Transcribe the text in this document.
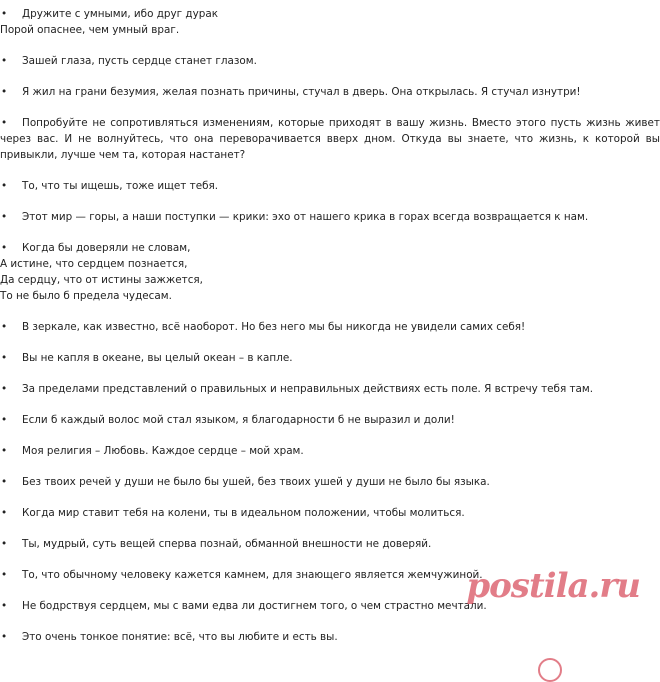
• Дружите с умными, ибо друг дурак
Порой опаснее, чем умный враг.
• Зашей глаза, пусть сердце станет глазом.
• Я жил на грани безумия, желая познать причины, стучал в дверь. Она открылась. Я стучал изнутри!
• Попробуйте не сопротивляться изменениям, которые приходят в вашу жизнь. Вместо этого пусть жизнь живет через вас. И не волнуйтесь, что она переворачивается вверх дном. Откуда вы знаете, что жизнь, к которой вы привыкли, лучше чем та, которая настанет?
• То, что ты ищешь, тоже ищет тебя.
• Этот мир — горы, а наши поступки — крики: эхо от нашего крика в горах всегда возвращается к нам.
• Когда бы доверяли не словам,
А истине, что сердцем познается,
Да сердцу, что от истины зажжется,
То не было б предела чудесам.
• В зеркале, как известно, всё наоборот. Но без него мы бы никогда не увидели самих себя!
• Вы не капля в океане, вы целый океан – в капле.
• За пределами представлений о правильных и неправильных действиях есть поле. Я встречу тебя там.
• Если б каждый волос мой стал языком, я благодарности б не выразил и доли!
• Моя религия – Любовь. Каждое сердце – мой храм.
• Без твоих речей у души не было бы ушей, без твоих ушей у души не было бы языка.
• Когда мир ставит тебя на колени, ты в идеальном положении, чтобы молиться.
• Ты, мудрый, суть вещей сперва познай, обманной внешности не доверяй.
• То, что обычному человеку кажется камнем, для знающего является жемчужиной.
• Не бодрствуя сердцем, мы с вами едва ли достигнем того, о чем страстно мечтали.
• Это очень тонкое понятие: всё, что вы любите и есть вы.
postila.ru
